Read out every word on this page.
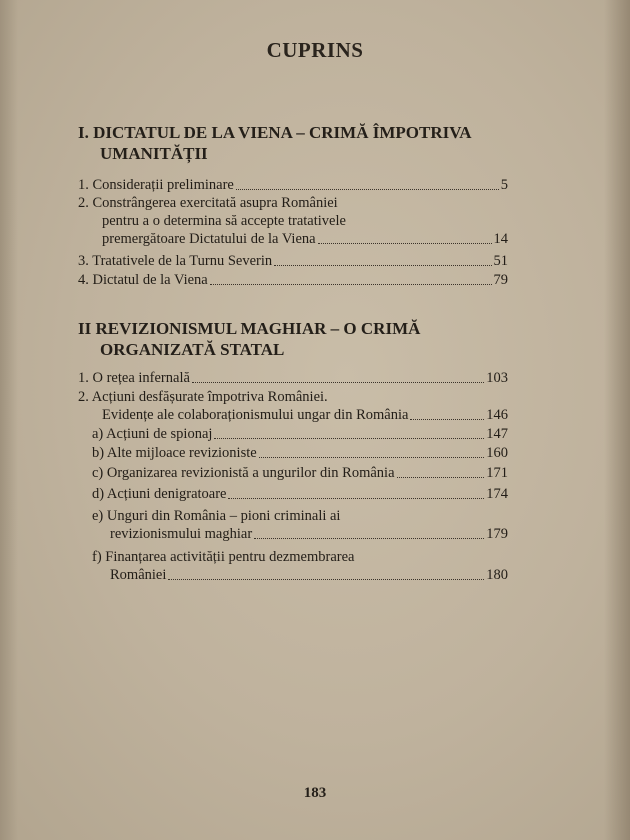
CUPRINS
I. DICTATUL DE LA VIENA – CRIMĂ ÎMPOTRIVA
UMANITĂȚII
1. Considerații preliminare	5
2. Constrângerea exercitată asupra României
pentru a o determina să accepte tratativele
premergătoare Dictatului de la Viena	14
3. Tratativele de la Turnu Severin	51
4. Dictatul de la Viena	79
II REVIZIONISMUL MAGHIAR – O CRIMĂ
ORGANIZATĂ STATAL
1. O rețea infernală	103
2. Acțiuni desfășurate împotriva României.
Evidențe ale colaboraționismului ungar din România	146
a) Acțiuni de spionaj	147
b) Alte mijloace revizioniste	160
c) Organizarea revizionistă a ungurilor din România	171
d) Acțiuni denigratoare	174
e) Unguri din România – pioni criminali ai
revizionismului maghiar	179
f) Finanțarea activității pentru dezmembrarea
României	180
183
